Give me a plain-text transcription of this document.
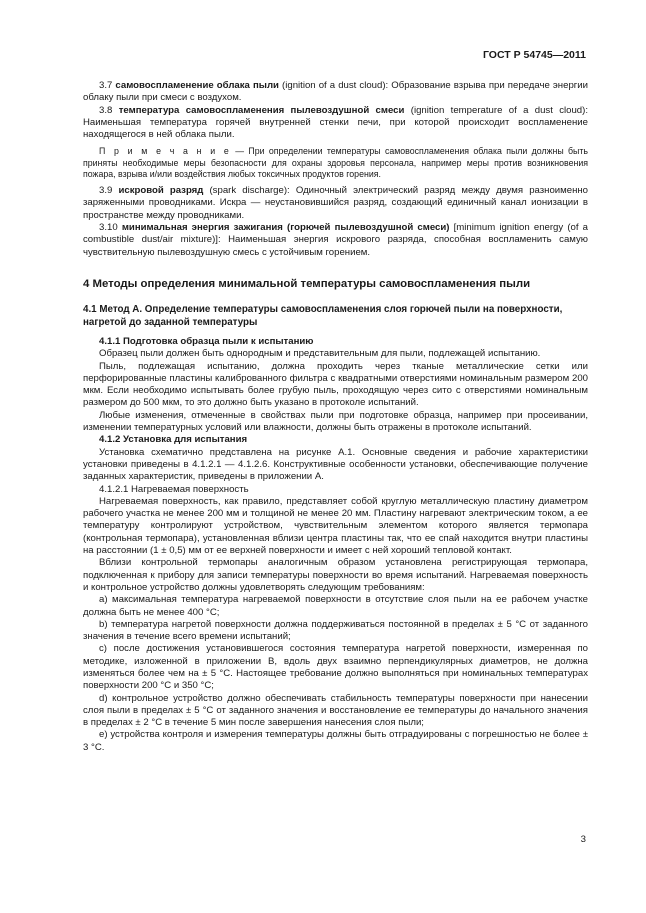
ГОСТ Р 54745—2011

3.7 самовоспламенение облака пыли (ignition of a dust cloud): Образование взрыва при передаче энергии облаку пыли при смеси с воздухом.

3.8 температура самовоспламенения пылевоздушной смеси (ignition temperature of a dust cloud): Наименьшая температура горячей внутренней стенки печи, при которой происходит воспламенение находящегося в ней облака пыли.

П р и м е ч а н и е — При определении температуры самовоспламенения облака пыли должны быть приняты необходимые меры безопасности для охраны здоровья персонала, например меры против возникновения пожара, взрыва и/или воздействия любых токсичных продуктов горения.

3.9 искровой разряд (spark discharge): Одиночный электрический разряд между двумя разноименно заряженными проводниками. Искра — неустановившийся разряд, создающий единичный канал ионизации в пространстве между проводниками.

3.10 минимальная энергия зажигания (горючей пылевоздушной смеси) [minimum ignition energy (of a combustible dust/air mixture)]: Наименьшая энергия искрового разряда, способная воспламенить самую чувствительную пылевоздушную смесь с устойчивым горением.

4 Методы определения минимальной температуры самовоспламенения пыли

4.1 Метод А. Определение температуры самовоспламенения слоя горючей пыли на поверхности, нагретой до заданной температуры

4.1.1 Подготовка образца пыли к испытанию

Образец пыли должен быть однородным и представительным для пыли, подлежащей испытанию.

Пыль, подлежащая испытанию, должна проходить через тканые металлические сетки или перфорированные пластины калиброванного фильтра с квадратными отверстиями номинальным размером 200 мкм. Если необходимо испытывать более грубую пыль, проходящую через сито с отверстиями номинальным размером до 500 мкм, то это должно быть указано в протоколе испытаний.

Любые изменения, отмеченные в свойствах пыли при подготовке образца, например при просеивании, изменении температурных условий или влажности, должны быть отражены в протоколе испытаний.

4.1.2 Установка для испытания

Установка схематично представлена на рисунке А.1. Основные сведения и рабочие характеристики установки приведены в 4.1.2.1 — 4.1.2.6. Конструктивные особенности установки, обеспечивающие получение заданных характеристик, приведены в приложении А.

4.1.2.1 Нагреваемая поверхность

Нагреваемая поверхность, как правило, представляет собой круглую металлическую пластину диаметром рабочего участка не менее 200 мм и толщиной не менее 20 мм. Пластину нагревают электрическим током, а ее температуру контролируют устройством, чувствительным элементом которого является термопара (контрольная термопара), установленная вблизи центра пластины так, что ее спай находится внутри пластины на расстоянии (1 ± 0,5) мм от ее верхней поверхности и имеет с ней хороший тепловой контакт.

Вблизи контрольной термопары аналогичным образом установлена регистрирующая термопара, подключенная к прибору для записи температуры поверхности во время испытаний. Нагреваемая поверхность и контрольное устройство должны удовлетворять следующим требованиям:

a) максимальная температура нагреваемой поверхности в отсутствие слоя пыли на ее рабочем участке должна быть не менее 400 °С;

b) температура нагретой поверхности должна поддерживаться постоянной в пределах ± 5 °С от заданного значения в течение всего времени испытаний;

c) после достижения установившегося состояния температура нагретой поверхности, измеренная по методике, изложенной в приложении В, вдоль двух взаимно перпендикулярных диаметров, не должна изменяться более чем на ± 5 °С. Настоящее требование должно выполняться при номинальных температурах поверхности 200 °С и 350 °С;

d) контрольное устройство должно обеспечивать стабильность температуры поверхности при нанесении слоя пыли в пределах ± 5 °С от заданного значения и восстановление ее температуры до начального значения в пределах ± 2 °С в течение 5 мин после завершения нанесения слоя пыли;

e) устройства контроля и измерения температуры должны быть отградуированы с погрешностью не более ± 3 °С.

3
